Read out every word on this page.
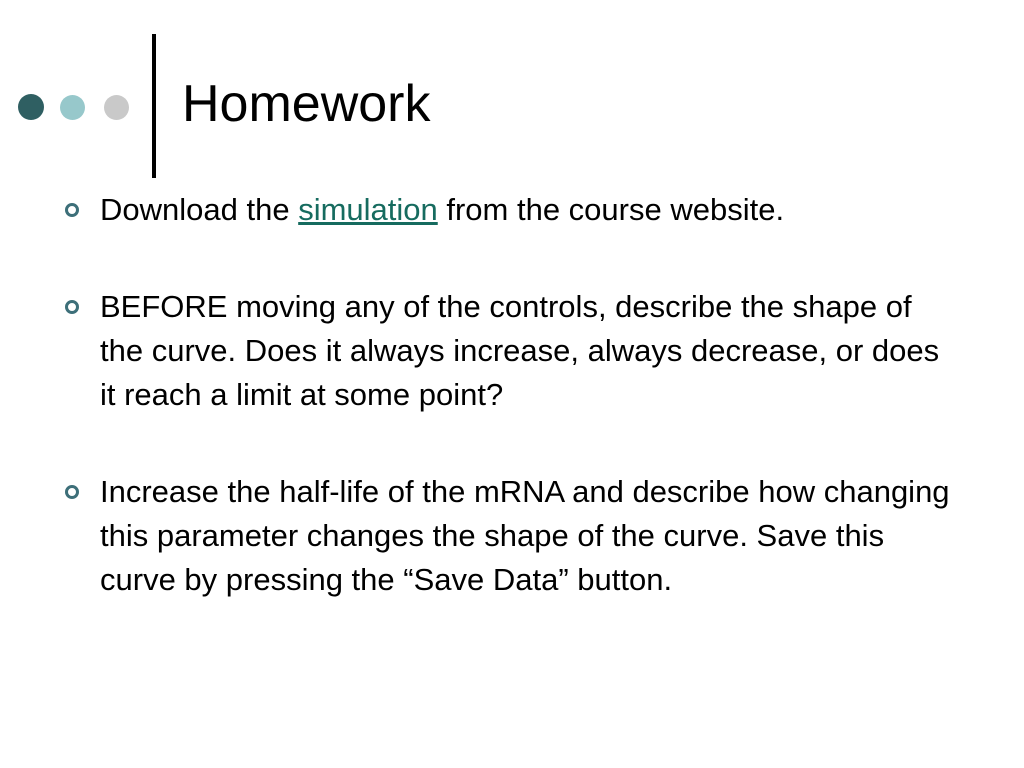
Homework
Download the simulation from the course website.
BEFORE moving any of the controls, describe the shape of the curve. Does it always increase, always decrease, or does it reach a limit at some point?
Increase the half-life of the mRNA and describe how changing this parameter changes the shape of the curve. Save this curve by pressing the “Save Data” button.
